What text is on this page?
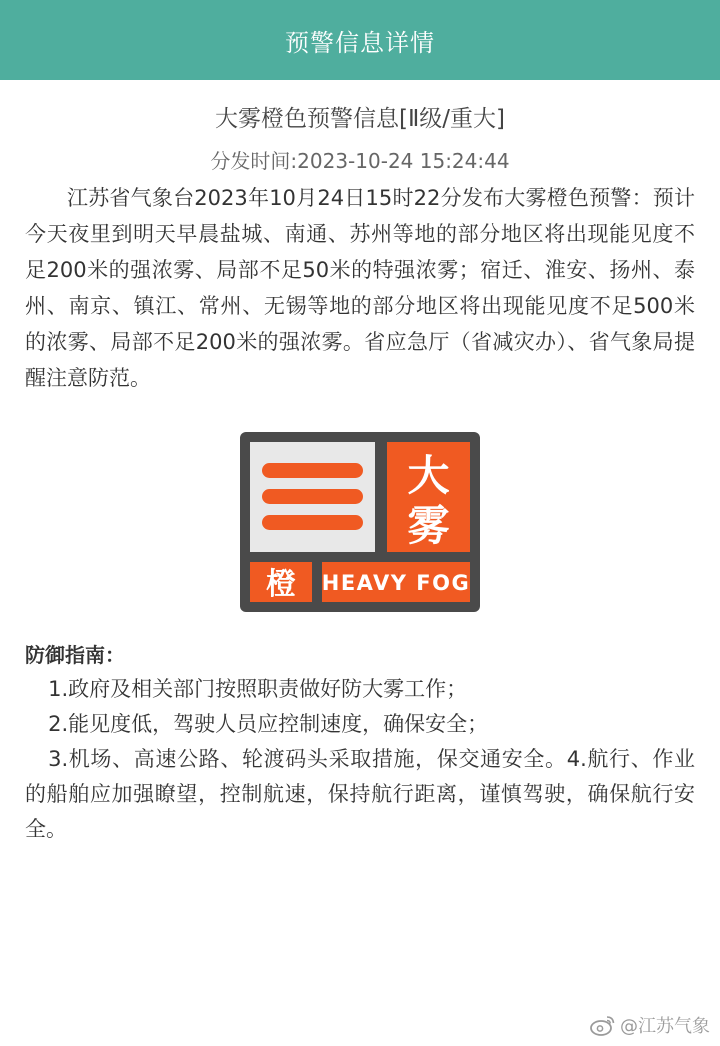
预警信息详情
大雾橙色预警信息[Ⅱ级/重大]
分发时间:2023-10-24 15:24:44
江苏省气象台2023年10月24日15时22分发布大雾橙色预警：预计今天夜里到明天早晨盐城、南通、苏州等地的部分地区将出现能见度不足200米的强浓雾、局部不足50米的特强浓雾；宿迁、淮安、扬州、泰州、南京、镇江、常州、无锡等地的部分地区将出现能见度不足500米的浓雾、局部不足200米的强浓雾。省应急厅（省减灾办）、省气象局提醒注意防范。
大
雾
橙 HEAVY FOG
防御指南：
1.政府及相关部门按照职责做好防大雾工作；
2.能见度低，驾驶人员应控制速度，确保安全；
3.机场、高速公路、轮渡码头采取措施，保交通安全。4.航行、作业的船舶应加强瞭望，控制航速，保持航行距离，谨慎驾驶，确保航行安全。
@江苏气象
